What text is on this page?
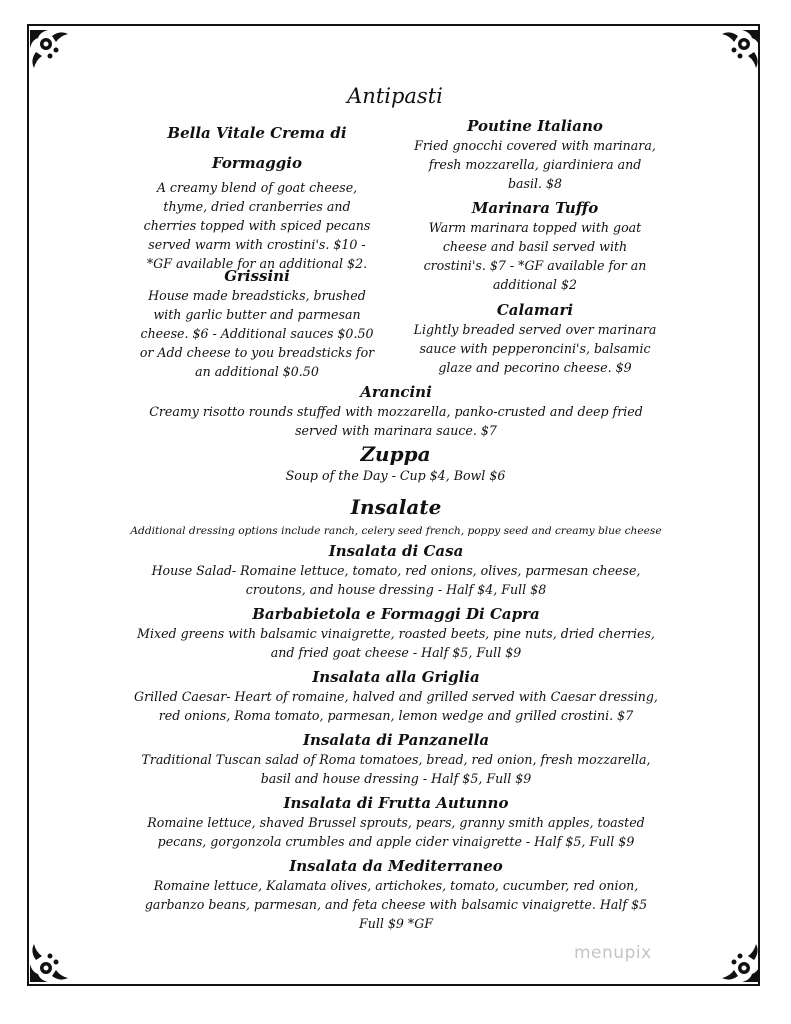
Antipasti
Bella Vitale Crema di Formaggio
A creamy blend of goat cheese, thyme, dried cranberries and cherries topped with spiced pecans served warm with crostini's. $10 - *GF available for an additional $2.
Grissini
House made breadsticks, brushed with garlic butter and parmesan cheese. $6 - Additional sauces $0.50 or Add cheese to you breadsticks for an additional $0.50
Poutine Italiano
Fried gnocchi covered with marinara, fresh mozzarella, giardiniera and basil. $8
Marinara Tuffo
Warm marinara topped with goat cheese and basil served with crostini's. $7 - *GF available for an additional $2
Calamari
Lightly breaded served over marinara sauce with pepperoncini's, balsamic glaze and pecorino cheese. $9
Arancini
Creamy risotto rounds stuffed with mozzarella, panko-crusted and deep fried served with marinara sauce. $7
Zuppa
Soup of the Day - Cup $4, Bowl $6
Insalate
Additional dressing options include ranch, celery seed french, poppy seed and creamy blue cheese
Insalata di Casa
House Salad- Romaine lettuce, tomato, red onions, olives, parmesan cheese, croutons, and house dressing - Half $4, Full $8
Barbabietola e Formaggi Di Capra
Mixed greens with balsamic vinaigrette, roasted beets, pine nuts, dried cherries, and fried goat cheese - Half $5, Full $9
Insalata alla Griglia
Grilled Caesar- Heart of romaine, halved and grilled served with Caesar dressing, red onions, Roma tomato, parmesan, lemon wedge and grilled crostini. $7
Insalata di Panzanella
Traditional Tuscan salad of Roma tomatoes, bread, red onion, fresh mozzarella, basil and house dressing - Half $5, Full $9
Insalata di Frutta Autunno
Romaine lettuce, shaved Brussel sprouts, pears, granny smith apples, toasted pecans, gorgonzola crumbles and apple cider vinaigrette - Half $5, Full $9
Insalata da Mediterraneo
Romaine lettuce, Kalamata olives, artichokes, tomato, cucumber, red onion, garbanzo beans, parmesan, and feta cheese with balsamic vinaigrette. Half $5 Full $9 *GF
menupix
